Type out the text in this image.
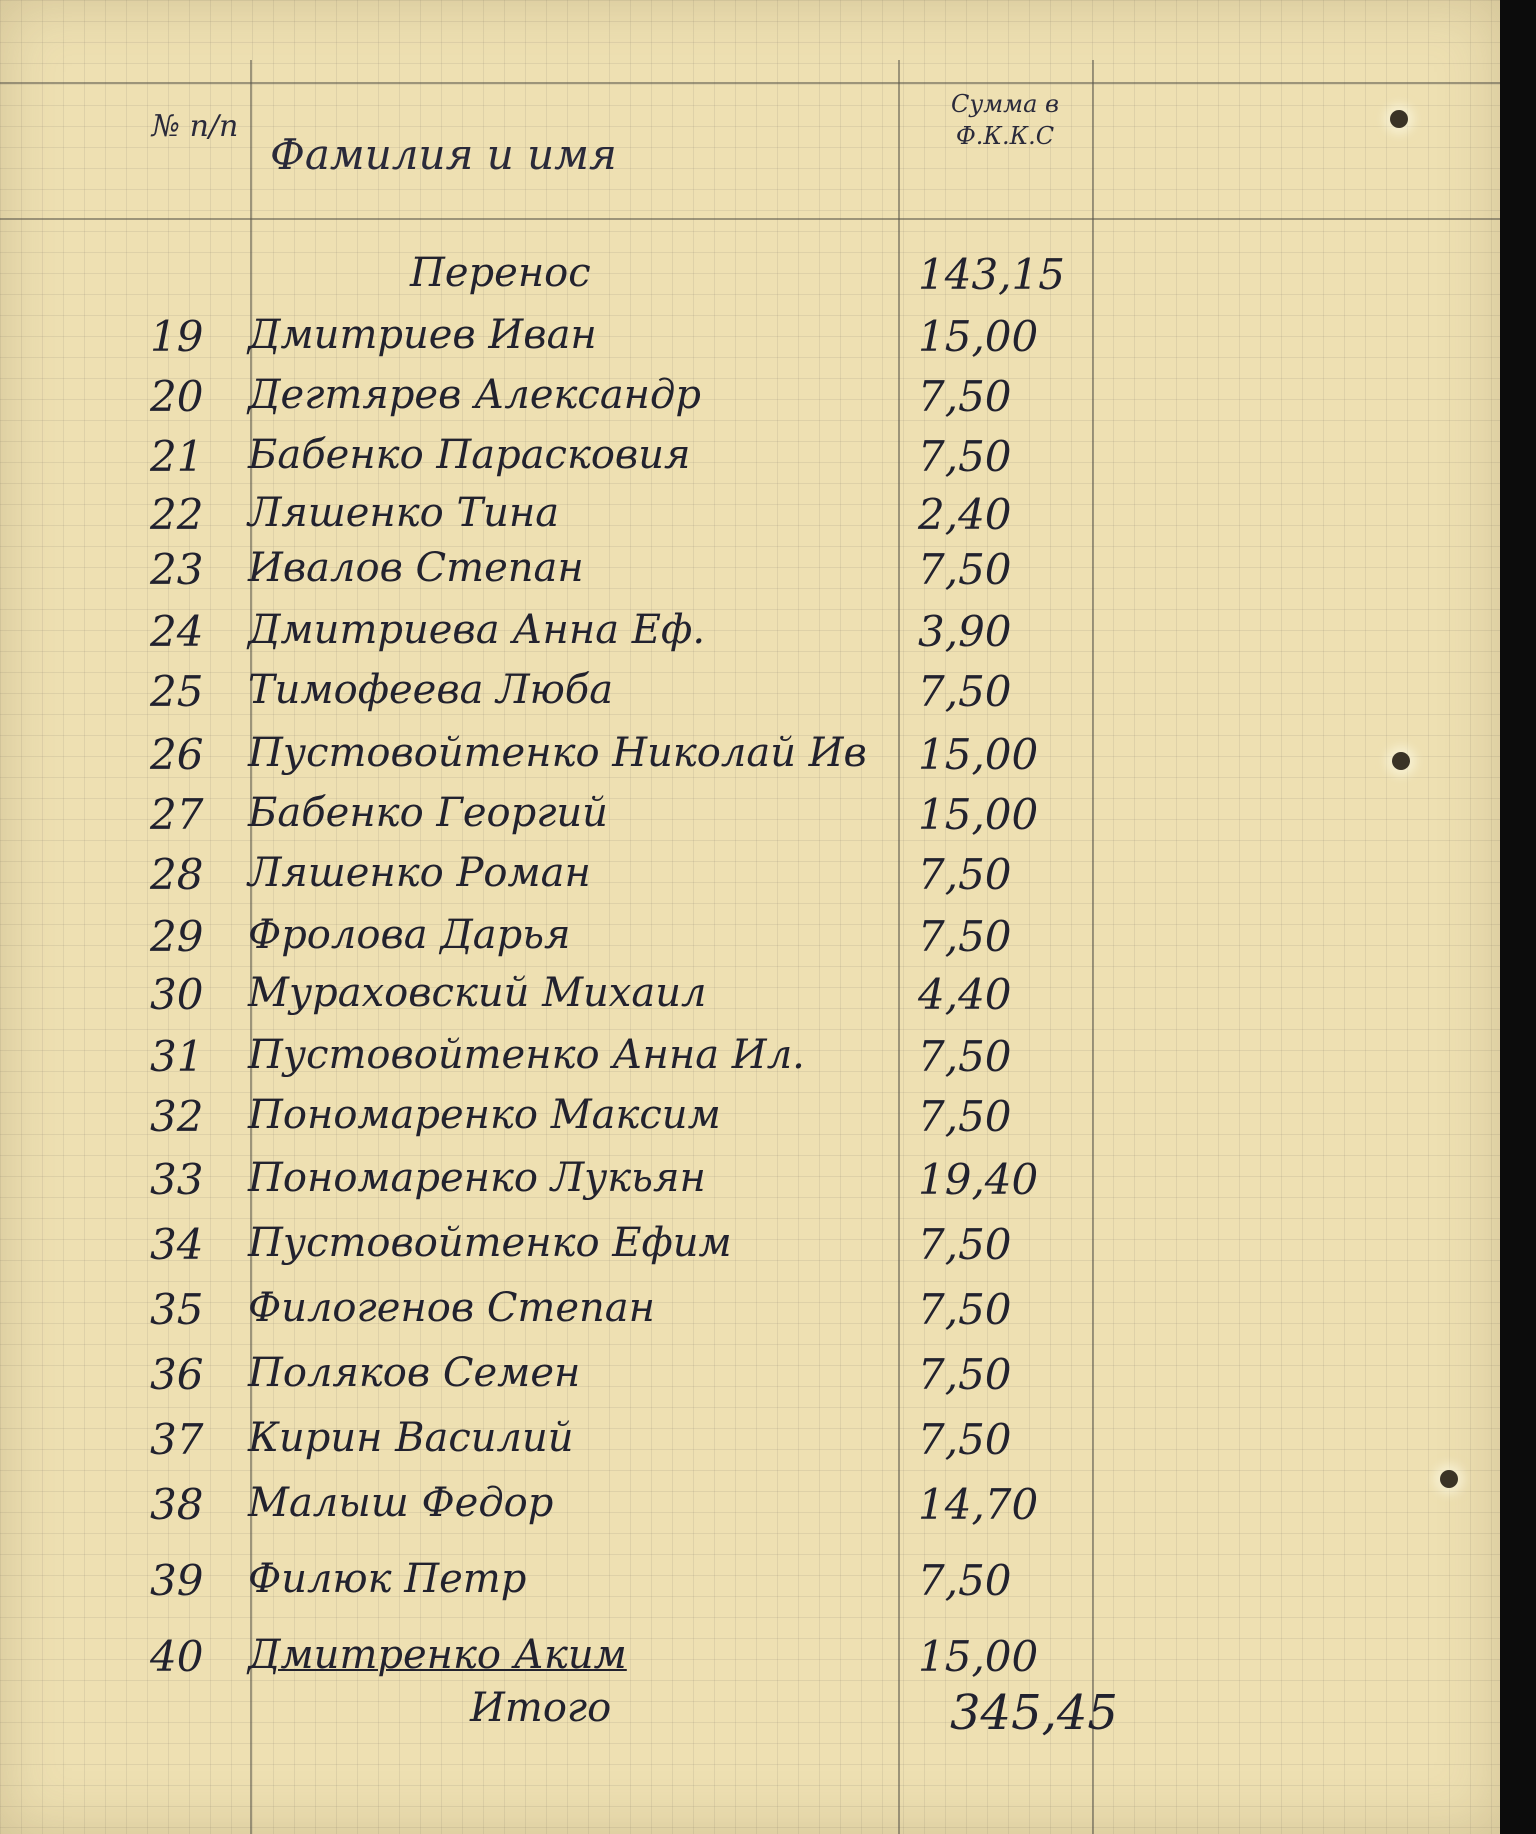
№ п/п
Фамилия и имя
Сумма в Ф.К.К.С
Перенос	143,15
19	Дмитриев Иван	15,00
20	Дегтярев Александр	7,50
21	Бабенко Парасковия	7,50
22	Ляшенко Тина	2,40
23	Ивалов Степан	7,50
24	Дмитриева Анна Еф.	3,90
25	Тимофеева Люба	7,50
26	Пустовойтенко Николай Ив 15,00
27	Бабенко Георгий	15,00
28	Ляшенко Роман	7,50
29	Фролова Дарья	7,50
30	Мураховский Михаил	4,40
31	Пустовойтенко Анна Ил.	7,50
32	Пономаренко Максим	7,50
33	Пономаренко Лукьян	19,40
34	Пустовойтенко Ефим	7,50
35	Филогенов Степан	7,50
36	Поляков Семен	7,50
37	Кирин Василий	7,50
38	Малыш Федор	14,70
39	Филюк Петр	7,50
40	Дмитренко Аким	15,00
Итого	345,45
